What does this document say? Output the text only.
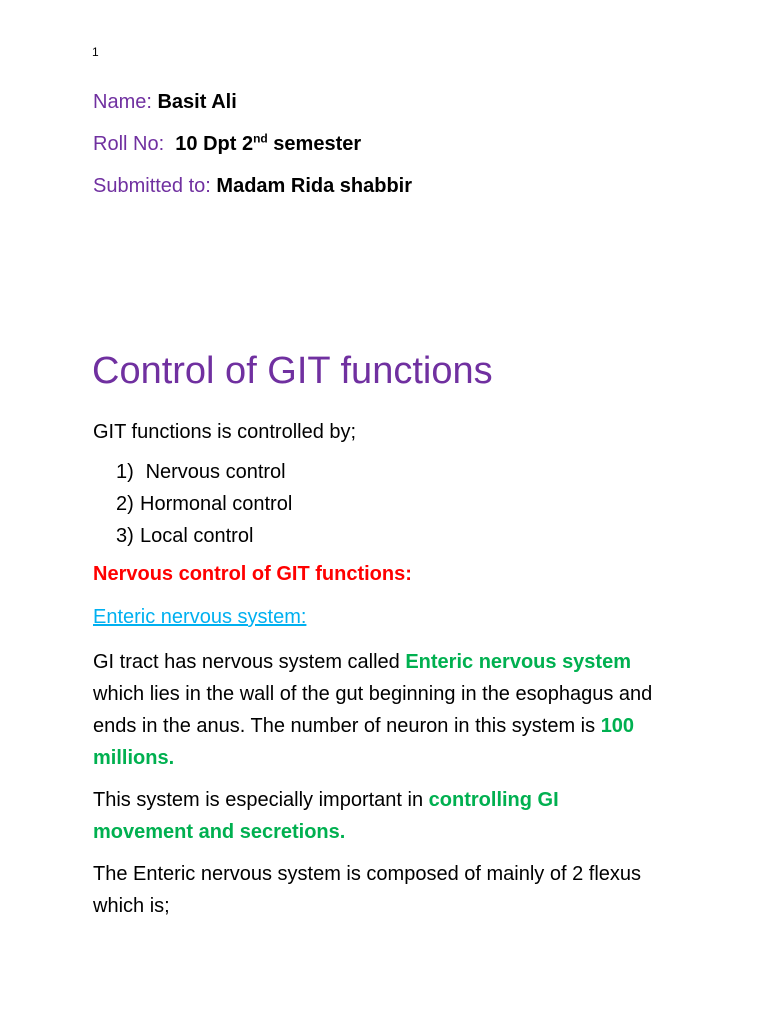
1
Name: Basit Ali
Roll No: 10 Dpt 2nd semester
Submitted to: Madam Rida shabbir
Control of GIT functions
GIT functions is controlled by;
1) Nervous control
2) Hormonal control
3) Local control
Nervous control of GIT functions:
Enteric nervous system:
GI tract has nervous system called Enteric nervous system which lies in the wall of the gut beginning in the esophagus and ends in the anus. The number of neuron in this system is 100 millions.
This system is especially important in controlling GI movement and secretions.
The Enteric nervous system is composed of mainly of 2 flexus which is;
